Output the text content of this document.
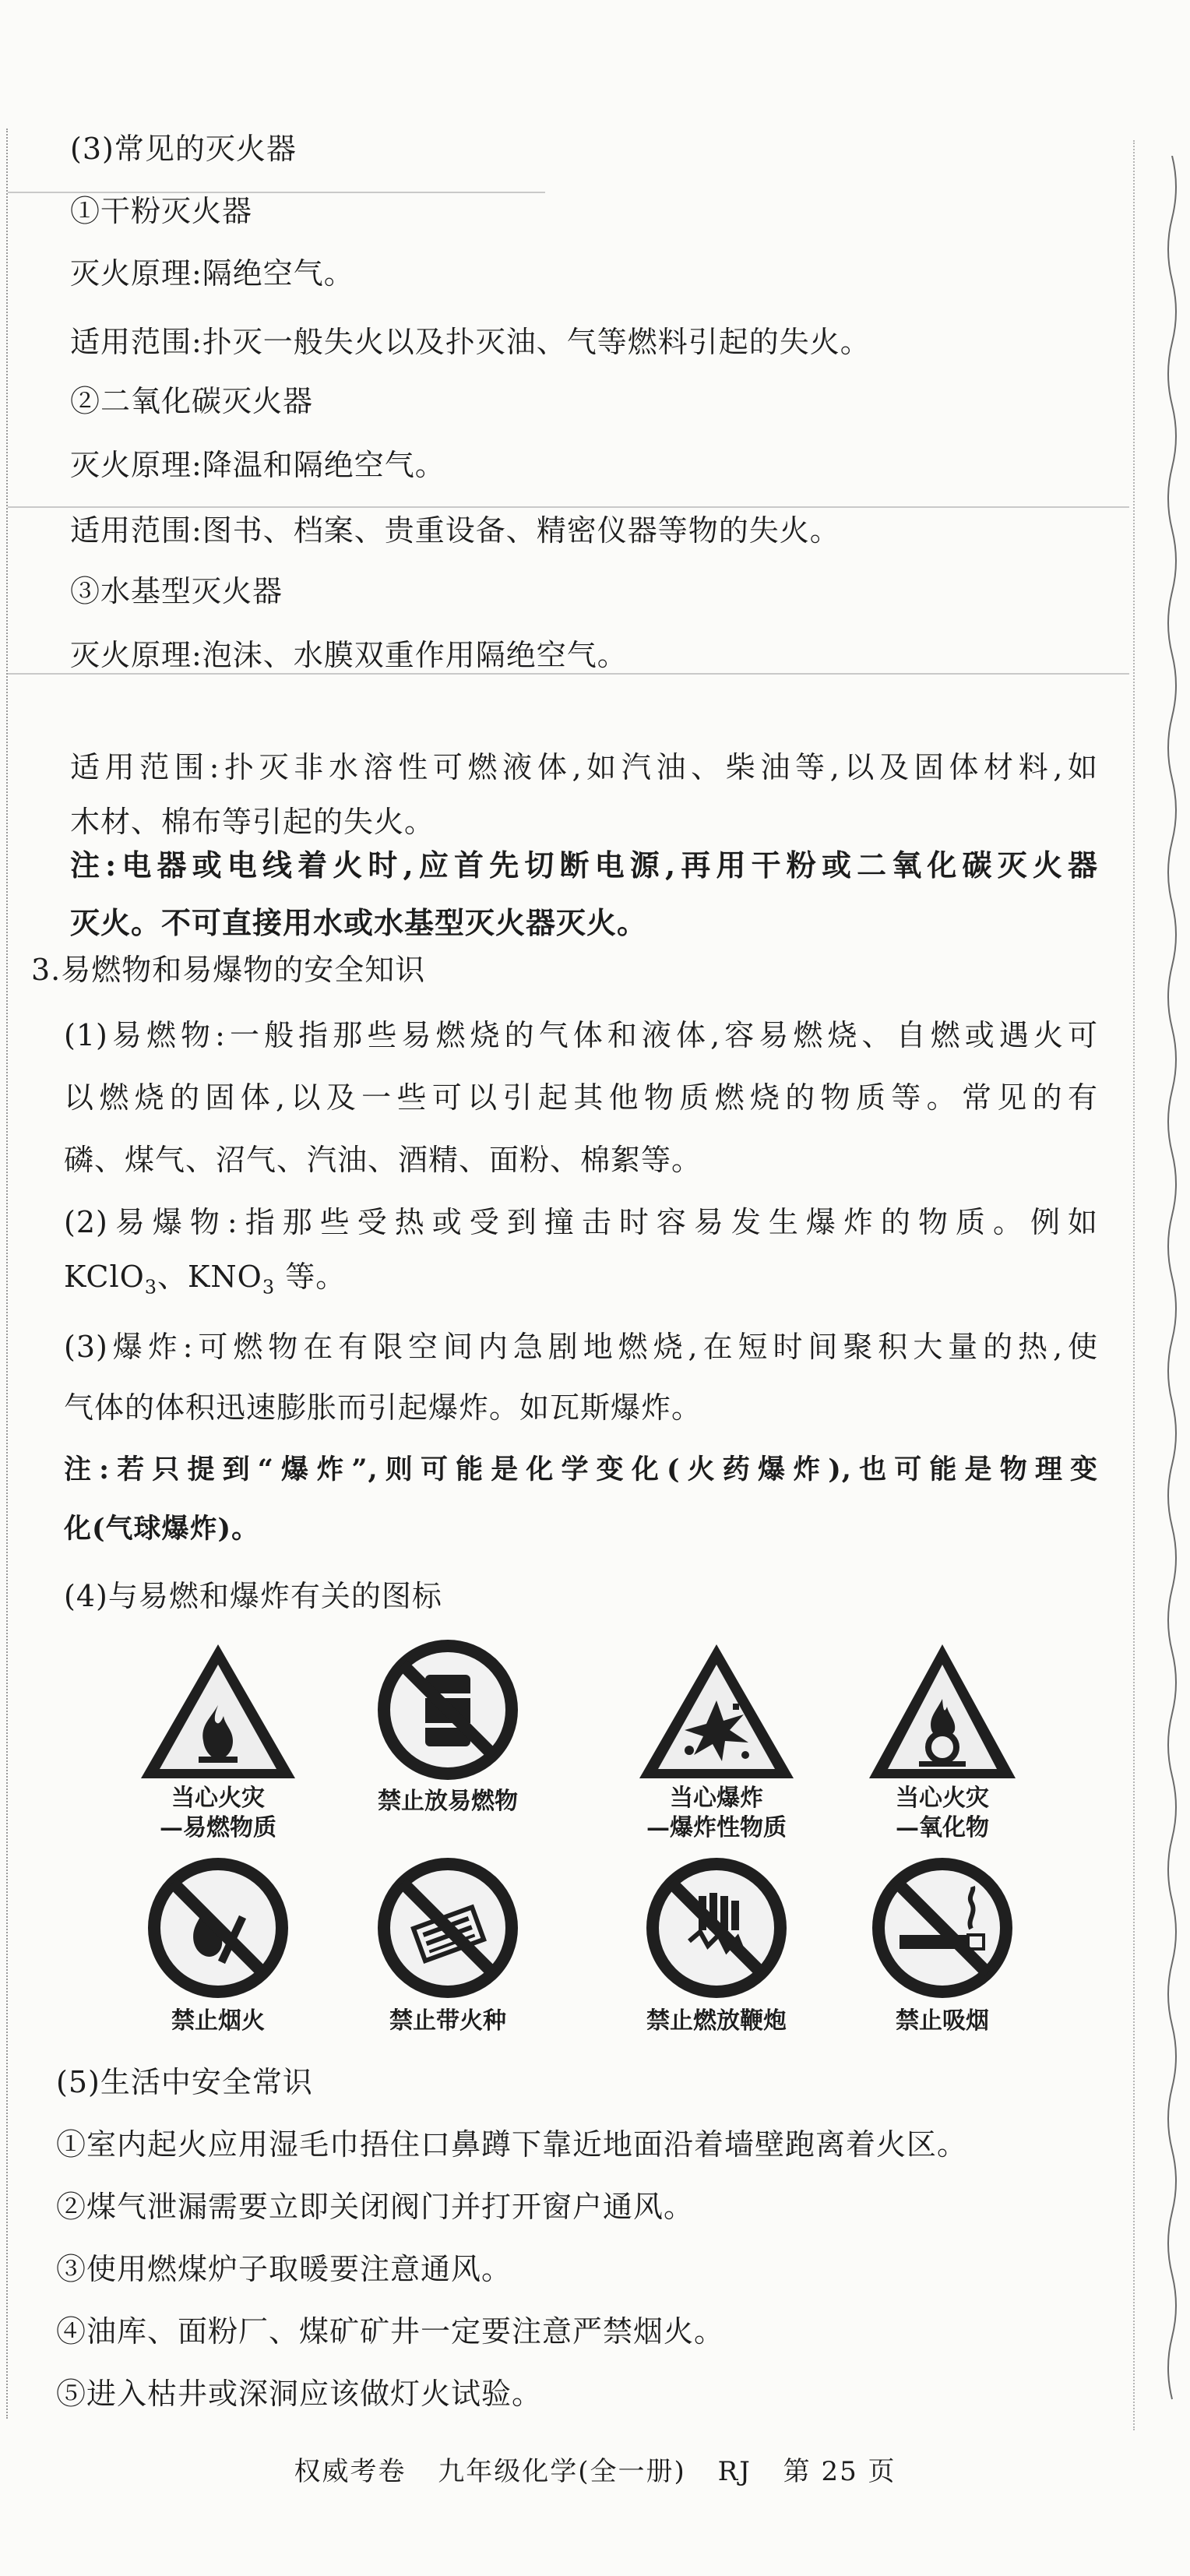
(3)常见的灭火器
①干粉灭火器
灭火原理:隔绝空气。
适用范围:扑灭一般失火以及扑灭油、气等燃料引起的失火。
②二氧化碳灭火器
灭火原理:降温和隔绝空气。
适用范围:图书、档案、贵重设备、精密仪器等物的失火。
③水基型灭火器
灭火原理:泡沫、水膜双重作用隔绝空气。
适用范围:扑灭非水溶性可燃液体,如汽油、柴油等,以及固体材料,如
木材、棉布等引起的失火。
注:电器或电线着火时,应首先切断电源,再用干粉或二氧化碳灭火器
灭火。不可直接用水或水基型灭火器灭火。
3.易燃物和易爆物的安全知识
(1)易燃物:一般指那些易燃烧的气体和液体,容易燃烧、自燃或遇火可
以燃烧的固体,以及一些可以引起其他物质燃烧的物质等。常见的有
磷、煤气、沼气、汽油、酒精、面粉、棉絮等。
(2)易爆物:指那些受热或受到撞击时容易发生爆炸的物质。例如
KClO$_3$、$KNO_3$ 等。
(3)爆炸:可燃物在有限空间内急剧地燃烧,在短时间聚积大量的热,使
气体的体积迅速膨胀而引起爆炸。如瓦斯爆炸。
注:若只提到“爆炸”,则可能是化学变化(火药爆炸),也可能是物理变
化(气球爆炸)。
(4)与易燃和爆炸有关的图标
当心火灾
—易燃物质
禁止放易燃物	当心爆炸
—爆炸性物质
当心火灾
—氧化物
禁止烟火	禁止带火种	禁止燃放鞭炮	禁止吸烟
(5)生活中安全常识
①室内起火应用湿毛巾捂住口鼻蹲下靠近地面沿着墙壁跑离着火区。
②煤气泄漏需要立即关闭阀门并打开窗户通风。
③使用燃煤炉子取暖要注意通风。
④油库、面粉厂、煤矿矿井一定要注意严禁烟火。
⑤进入枯井或深洞应该做灯火试验。
权威考卷 九年级化学(全一册) RJ 第 25 页
